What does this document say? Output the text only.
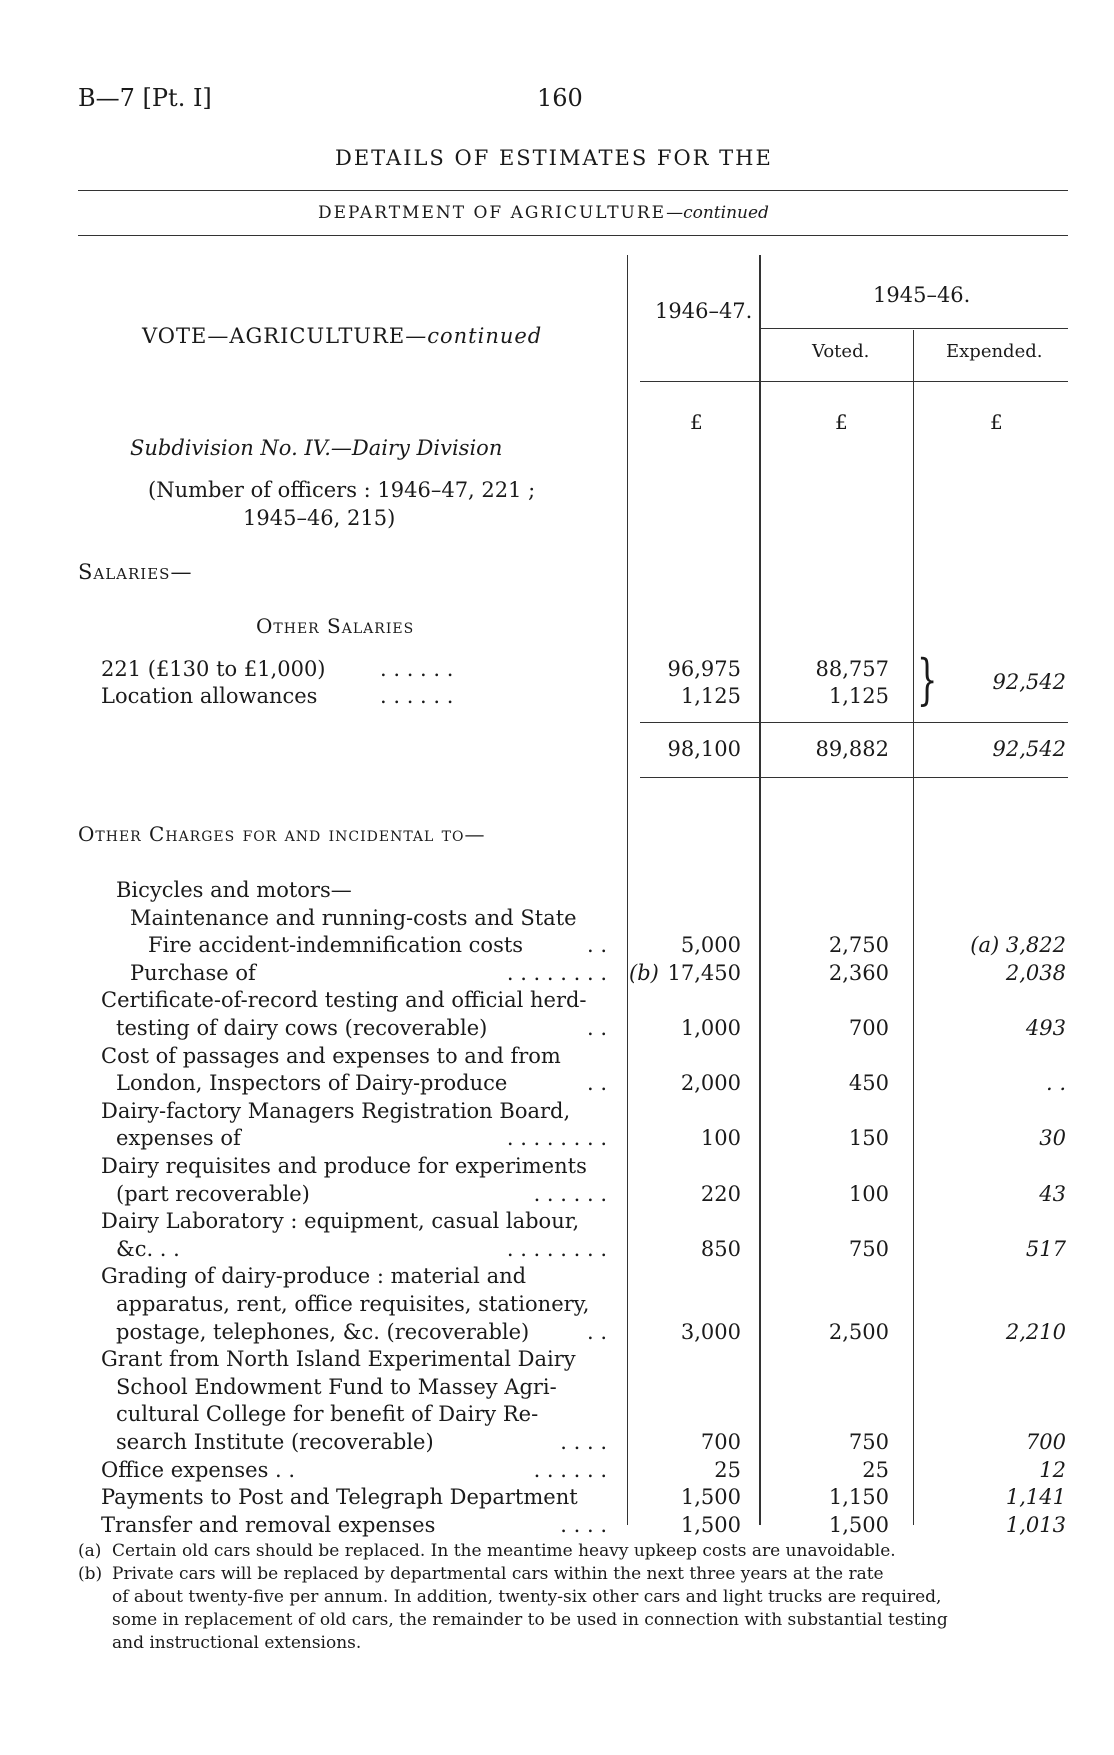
B—7 [Pt. I]	160
DETAILS OF ESTIMATES FOR THE
DEPARTMENT OF AGRICULTURE—continued
VOTE—AGRICULTURE—continued
1946–47.
1945–46.
Voted.	Expended.
£	£	£
Subdivision No. IV.—Dairy Division
(Number of officers : 1946–47, 221 ;
1945–46, 215)
Salaries—
Other Salaries
221 (£130 to £1,000)	. . . . . .	96,975	88,757
Location allowances	. . . . . .	1,125	1,125 }	92,542
98,100	89,882	92,542
Other Charges for and incidental to—
Bicycles and motors—
Maintenance and running-costs and State
Fire accident-indemnification costs	. .	5,000	2,750	(a) 3,822
Purchase of	. . . . . . . . (b) 17,450	2,360	2,038
Certificate-of-record testing and official herd-
testing of dairy cows (recoverable)	. .	1,000	700	493
Cost of passages and expenses to and from
London, Inspectors of Dairy-produce	. .	2,000	450	. .
Dairy-factory Managers Registration Board,
expenses of	. . . . . . . .	100	150	30
Dairy requisites and produce for experiments
(part recoverable)	. . . . . .	220	100	43
Dairy Laboratory : equipment, casual labour,
&c. . .	. . . . . . . .	850	750	517
Grading of dairy-produce : material and
apparatus, rent, office requisites, stationery,
postage, telephones, &c. (recoverable)	. .	3,000	2,500	2,210
Grant from North Island Experimental Dairy
School Endowment Fund to Massey Agri-
cultural College for benefit of Dairy Re-
search Institute (recoverable)	. . . .	700	750	700
Office expenses . .	. . . . . .	25	25	12
Payments to Post and Telegraph Department	1,500	1,150	1,141
Transfer and removal expenses	. . . .	1,500	1,500	1,013
(a) Certain old cars should be replaced. In the meantime heavy upkeep costs are unavoidable.
(b) Private cars will be replaced by departmental cars within the next three years at the rate
of about twenty-five per annum. In addition, twenty-six other cars and light trucks are required,
some in replacement of old cars, the remainder to be used in connection with substantial testing
and instructional extensions.
